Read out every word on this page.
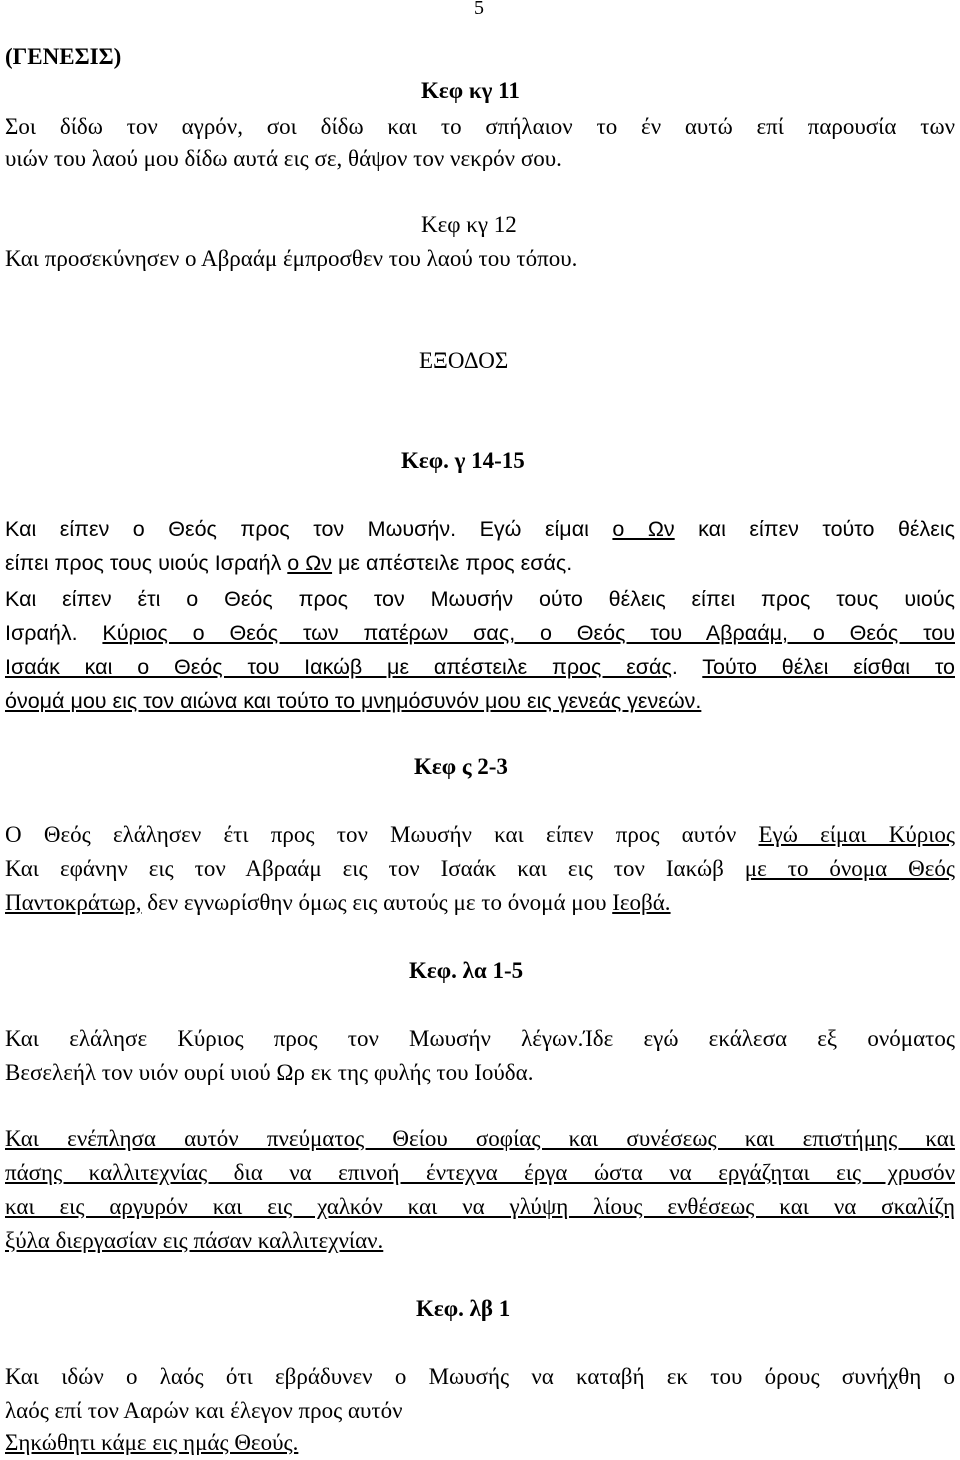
5
(ΓΕΝΕΣΙΣ)
Κεφ κγ 11
Σοι δίδω τον αγρόν, σοι δίδω και το σπήλαιον το έν αυτώ επί παρουσία των
υιών του λαού μου δίδω αυτά εις σε, θάψον τον νεκρόν σου.
Κεφ κγ 12
Και προσεκύνησεν ο Αβραάμ έμπροσθεν του λαού του τόπου.
ΕΞΟΔΟΣ
Κεφ. γ 14-15
Και είπεν ο Θεός προς τον Μωυσήν. Εγώ είμαι ο Ων και είπεν τούτο θέλεις
είπει προς τους υιούς Ισραήλ ο Ων με απέστειλε προς εσάς.
Και είπεν έτι ο Θεός προς τον Μωυσήν ούτο θέλεις είπει προς τους υιούς
Ισραήλ. Κύριος ο Θεός των πατέρων σας, ο Θεός του Αβραάμ, ο Θεός του
Ισαάκ και ο Θεός του Ιακώβ με απέστειλε προς εσάς. Τούτο θέλει είσθαι το
όνομά μου εις τον αιώνα και τούτο το μνημόσυνόν μου εις γενεάς γενεών.
Κεφ ς 2-3
Ο Θεός ελάλησεν έτι προς τον Μωυσήν και είπεν προς αυτόν Εγώ είμαι Κύριος
Και εφάνην εις τον Αβραάμ εις τον Ισαάκ και εις τον Ιακώβ με το όνομα Θεός
Παντοκράτωρ, δεν εγνωρίσθην όμως εις αυτούς με το όνομά μου Ιεοβά.
Κεφ. λα 1-5
Και ελάλησε Κύριος προς τον Μωυσήν λέγων.Ίδε εγώ εκάλεσα εξ ονόματος
Βεσελεήλ τον υιόν ουρί υιού Ωρ εκ της φυλής του Ιούδα.
Και ενέπλησα αυτόν πνεύματος Θείου σοφίας και συνέσεως και επιστήμης και
πάσης καλλιτεχνίας δια να επινοή έντεχνα έργα ώστα να εργάζηται εις χρυσόν
και εις αργυρόν και εις χαλκόν και να γλύψη λίους ενθέσεως και να σκαλίζη
ξύλα διεργασίαν εις πάσαν καλλιτεχνίαν.
Κεφ. λβ 1
Και ιδών ο λαός ότι εβράδυνεν ο Μωυσής να καταβή εκ του όρους συνήχθη ο
λαός επί τον Ααρών και έλεγον προς αυτόν
Σηκώθητι κάμε εις ημάς Θεούς.
